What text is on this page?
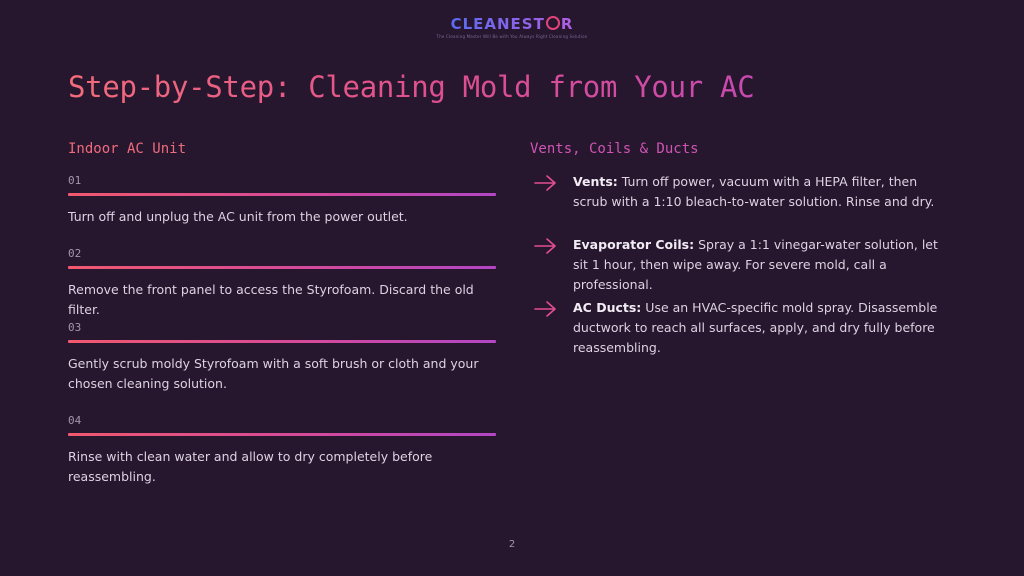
CLEANEST R
The Cleaning Master Will Be with You Always Right Cleaning Solution
Step-by-Step: Cleaning Mold from Your AC
Indoor AC Unit	Vents, Coils & Ducts
01
Turn off and unplug the AC unit from the power outlet.
02
Remove the front panel to access the Styrofoam. Discard the old filter.
03
Gently scrub moldy Styrofoam with a soft brush or cloth and your chosen cleaning solution.
04
Rinse with clean water and allow to dry completely before reassembling.
Vents: Turn off power, vacuum with a HEPA filter, then scrub with a 1:10 bleach-to-water solution. Rinse and dry.
Evaporator Coils: Spray a 1:1 vinegar-water solution, let sit 1 hour, then wipe away. For severe mold, call a professional.
AC Ducts: Use an HVAC-specific mold spray. Disassemble ductwork to reach all surfaces, apply, and dry fully before reassembling.
2
